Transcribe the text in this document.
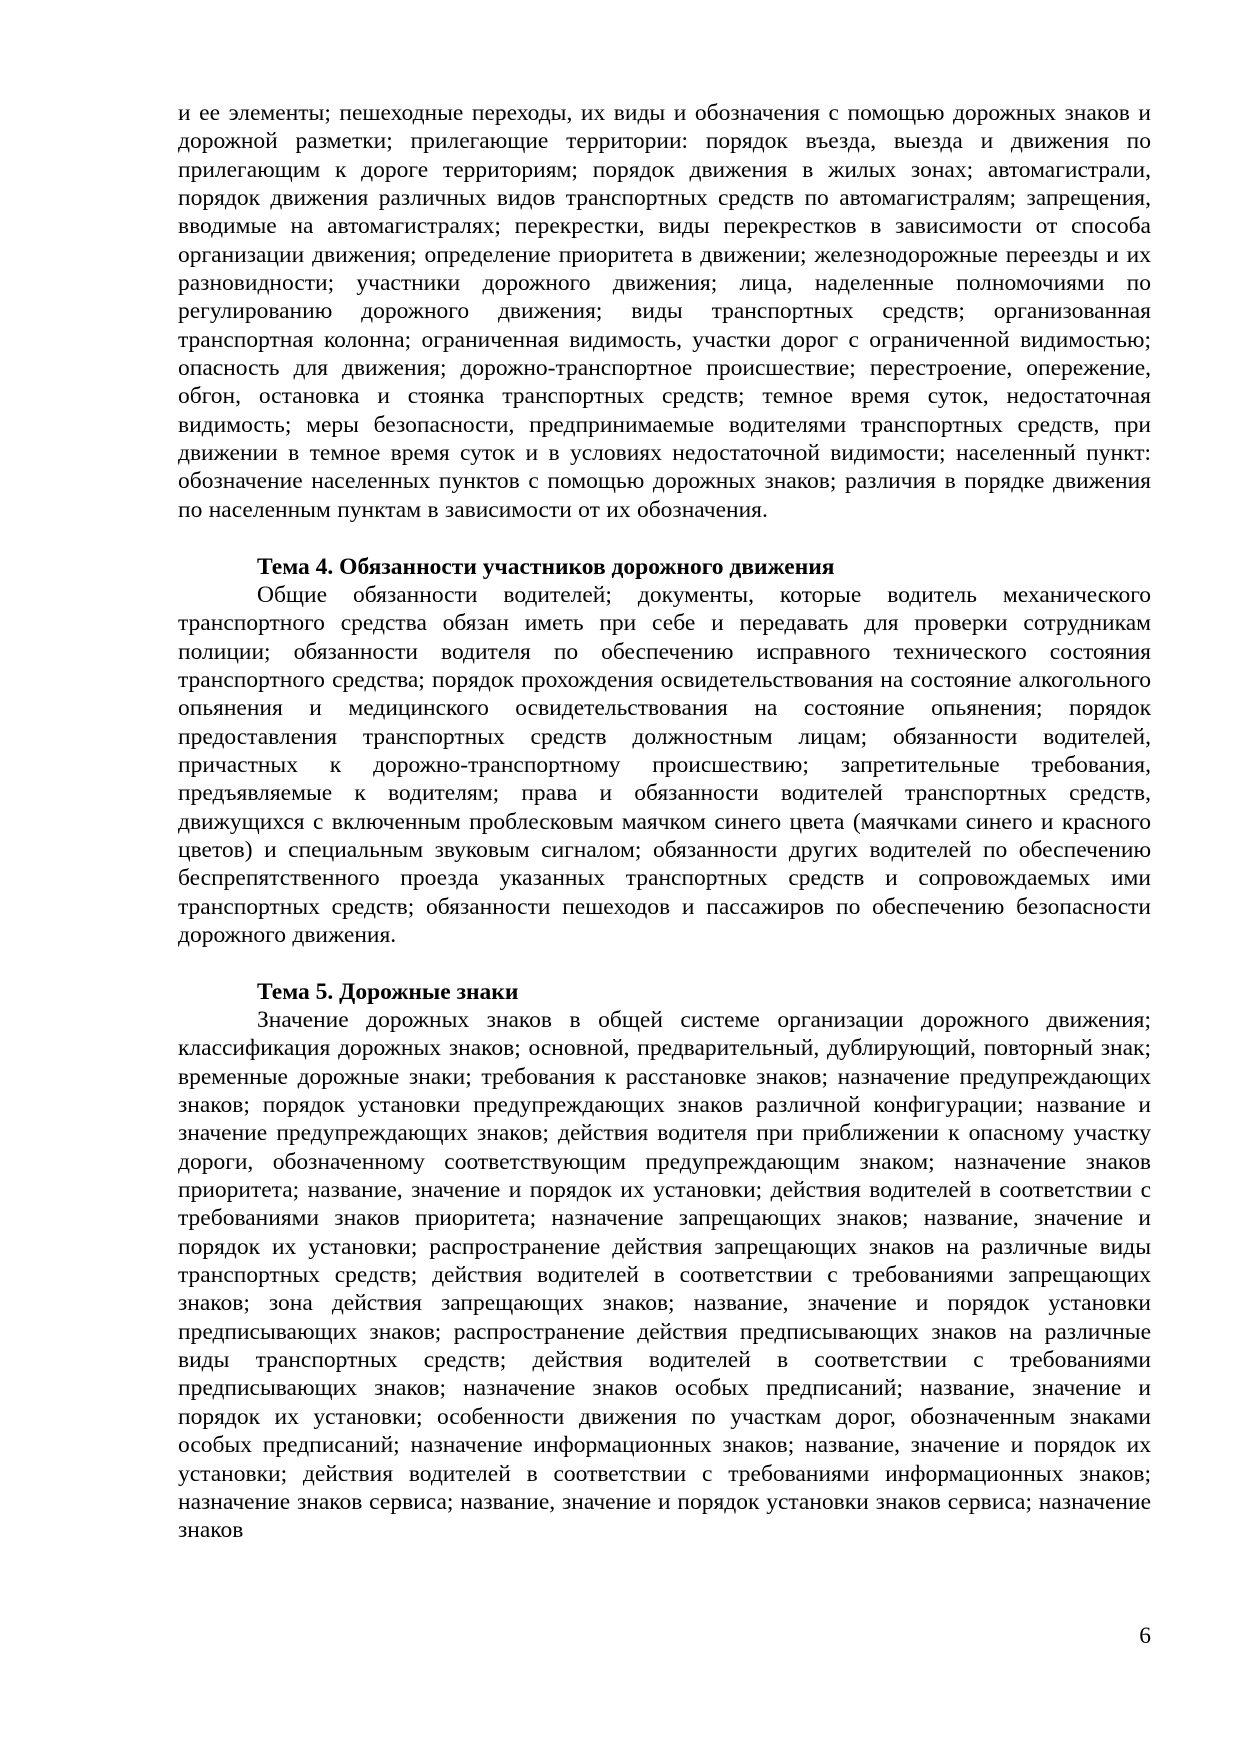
и ее элементы; пешеходные переходы, их виды и обозначения с помощью дорожных знаков и дорожной разметки; прилегающие территории: порядок въезда, выезда и движения по прилегающим к дороге территориям; порядок движения в жилых зонах; автомагистрали, порядок движения различных видов транспортных средств по автомагистралям; запрещения, вводимые на автомагистралях; перекрестки, виды перекрестков в зависимости от способа организации движения; определение приоритета в движении; железнодорожные переезды и их разновидности; участники дорожного движения; лица, наделенные полномочиями по регулированию дорожного движения; виды транспортных средств; организованная транспортная колонна; ограниченная видимость, участки дорог с ограниченной видимостью; опасность для движения; дорожно-транспортное происшествие; перестроение, опережение, обгон, остановка и стоянка транспортных средств; темное время суток, недостаточная видимость; меры безопасности, предпринимаемые водителями транспортных средств, при движении в темное время суток и в условиях недостаточной видимости; населенный пункт: обозначение населенных пунктов с помощью дорожных знаков; различия в порядке движения по населенным пунктам в зависимости от их обозначения.

Тема 4. Обязанности участников дорожного движения

Общие обязанности водителей; документы, которые водитель механического транспортного средства обязан иметь при себе и передавать для проверки сотрудникам полиции; обязанности водителя по обеспечению исправного технического состояния транспортного средства; порядок прохождения освидетельствования на состояние алкогольного опьянения и медицинского освидетельствования на состояние опьянения; порядок предоставления транспортных средств должностным лицам; обязанности водителей, причастных к дорожно-транспортному происшествию; запретительные требования, предъявляемые к водителям; права и обязанности водителей транспортных средств, движущихся с включенным проблесковым маячком синего цвета (маячками синего и красного цветов) и специальным звуковым сигналом; обязанности других водителей по обеспечению беспрепятственного проезда указанных транспортных средств и сопровождаемых ими транспортных средств; обязанности пешеходов и пассажиров по обеспечению безопасности дорожного движения.

Тема 5. Дорожные знаки

Значение дорожных знаков в общей системе организации дорожного движения; классификация дорожных знаков; основной, предварительный, дублирующий, повторный знак; временные дорожные знаки; требования к расстановке знаков; назначение предупреждающих знаков; порядок установки предупреждающих знаков различной конфигурации; название и значение предупреждающих знаков; действия водителя при приближении к опасному участку дороги, обозначенному соответствующим предупреждающим знаком; назначение знаков приоритета; название, значение и порядок их установки; действия водителей в соответствии с требованиями знаков приоритета; назначение запрещающих знаков; название, значение и порядок их установки; распространение действия запрещающих знаков на различные виды транспортных средств; действия водителей в соответствии с требованиями запрещающих знаков; зона действия запрещающих знаков; название, значение и порядок установки предписывающих знаков; распространение действия предписывающих знаков на различные виды транспортных средств; действия водителей в соответствии с требованиями предписывающих знаков; назначение знаков особых предписаний; название, значение и порядок их установки; особенности движения по участкам дорог, обозначенным знаками особых предписаний; назначение информационных знаков; название, значение и порядок их установки; действия водителей в соответствии с требованиями информационных знаков; назначение знаков сервиса; название, значение и порядок установки знаков сервиса; назначение знаков

6
